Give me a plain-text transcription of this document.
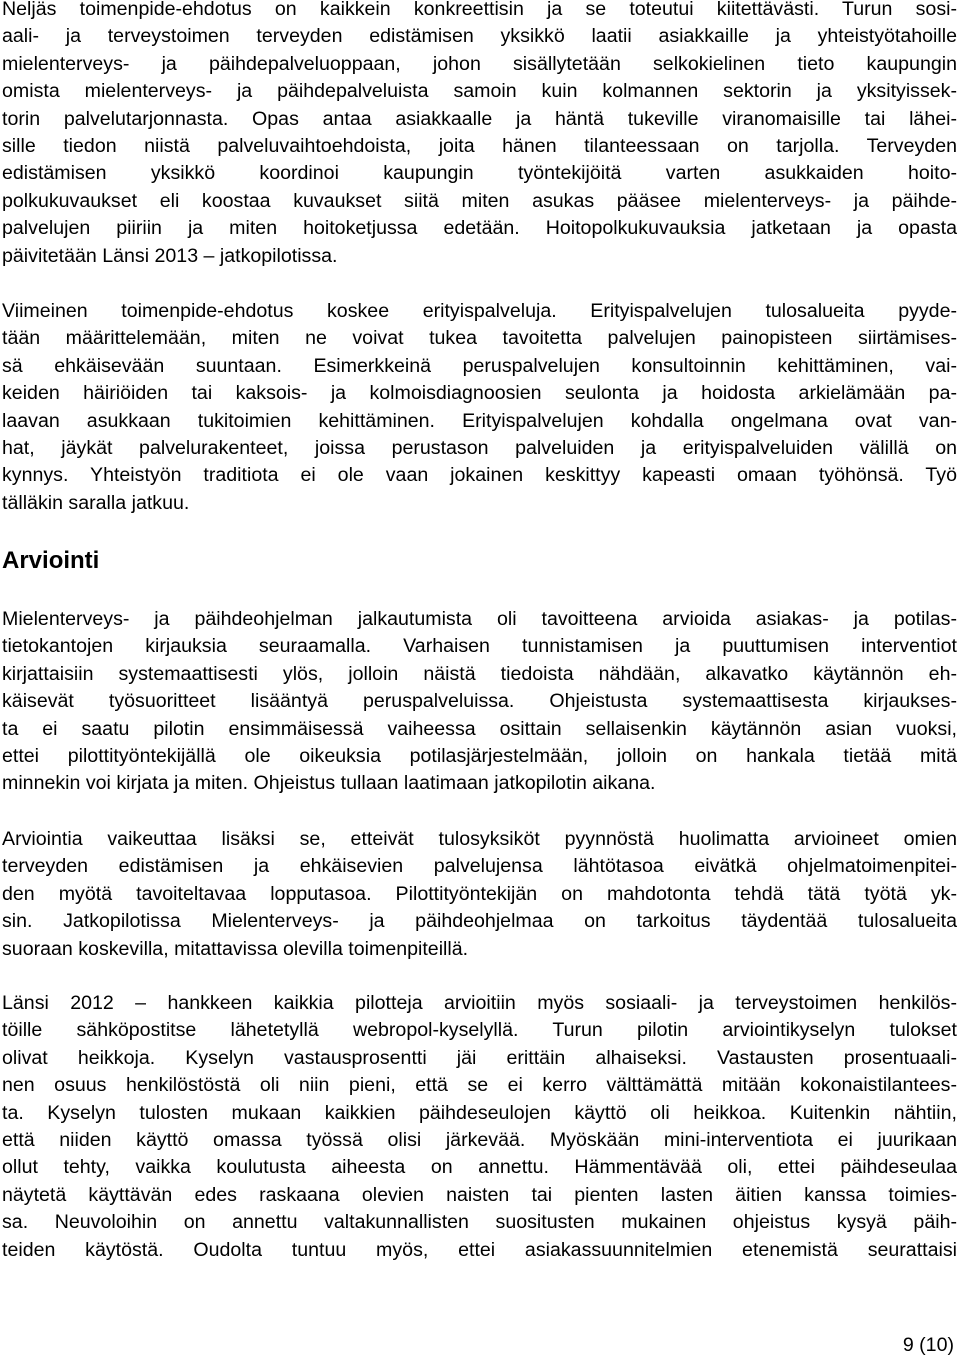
Neljäs toimenpide-ehdotus on kaikkein konkreettisin ja se toteutui kiitettävästi. Turun sosi-
aali- ja terveystoimen terveyden edistämisen yksikkö laatii asiakkaille ja yhteistyötahoille
mielenterveys- ja päihdepalveluoppaan, johon sisällytetään selkokielinen tieto kaupungin
omista mielenterveys- ja päihdepalveluista samoin kuin kolmannen sektorin ja yksityissek-
torin palvelutarjonnasta. Opas antaa asiakkaalle ja häntä tukeville viranomaisille tai lähei-
sille tiedon niistä palveluvaihtoehdoista, joita hänen tilanteessaan on tarjolla. Terveyden
edistämisen yksikkö koordinoi kaupungin työntekijöitä varten asukkaiden hoito-
polkukuvaukset eli koostaa kuvaukset siitä miten asukas pääsee mielenterveys- ja päihde-
palvelujen piiriin ja miten hoitoketjussa edetään. Hoitopolkukuvauksia jatketaan ja opasta
päivitetään Länsi 2013 – jatkopilotissa.
Viimeinen toimenpide-ehdotus koskee erityispalveluja. Erityispalvelujen tulosalueita pyyde-
tään määrittelemään, miten ne voivat tukea tavoitetta palvelujen painopisteen siirtämises-
sä ehkäisevään suuntaan. Esimerkkeinä peruspalvelujen konsultoinnin kehittäminen, vai-
keiden häiriöiden tai kaksois- ja kolmoisdiagnoosien seulonta ja hoidosta arkielämään pa-
laavan asukkaan tukitoimien kehittäminen. Erityispalvelujen kohdalla ongelmana ovat van-
hat, jäykät palvelurakenteet, joissa perustason palveluiden ja erityispalveluiden välillä on
kynnys. Yhteistyön traditiota ei ole vaan jokainen keskittyy kapeasti omaan työhönsä. Työ
tälläkin saralla jatkuu.
Arviointi
Mielenterveys- ja päihdeohjelman jalkautumista oli tavoitteena arvioida asiakas- ja potilas-
tietokantojen kirjauksia seuraamalla. Varhaisen tunnistamisen ja puuttumisen interventiot
kirjattaisiin systemaattisesti ylös, jolloin näistä tiedoista nähdään, alkavatko käytännön eh-
käisevät työsuoritteet lisääntyä peruspalveluissa. Ohjeistusta systemaattisesta kirjaukses-
ta ei saatu pilotin ensimmäisessä vaiheessa osittain sellaisenkin käytännön asian vuoksi,
ettei pilottityöntekijällä ole oikeuksia potilasjärjestelmään, jolloin on hankala tietää mitä
minnekin voi kirjata ja miten. Ohjeistus tullaan laatimaan jatkopilotin aikana.
Arviointia vaikeuttaa lisäksi se, etteivät tulosyksiköt pyynnöstä huolimatta arvioineet omien
terveyden edistämisen ja ehkäisevien palvelujensa lähtötasoa eivätkä ohjelmatoimenpitei-
den myötä tavoiteltavaa lopputasoa. Pilottityöntekijän on mahdotonta tehdä tätä työtä yk-
sin. Jatkopilotissa Mielenterveys- ja päihdeohjelmaa on tarkoitus täydentää tulosalueita
suoraan koskevilla, mitattavissa olevilla toimenpiteillä.
Länsi 2012 – hankkeen kaikkia pilotteja arvioitiin myös sosiaali- ja terveystoimen henkilös-
töille sähköpostitse lähetetyllä webropol-kyselyllä. Turun pilotin arviointikyselyn tulokset
olivat heikkoja. Kyselyn vastausprosentti jäi erittäin alhaiseksi. Vastausten prosentuaali-
nen osuus henkilöstöstä oli niin pieni, että se ei kerro välttämättä mitään kokonaistilantees-
ta. Kyselyn tulosten mukaan kaikkien päihdeseulojen käyttö oli heikkoa. Kuitenkin nähtiin,
että niiden käyttö omassa työssä olisi järkevää. Myöskään mini-interventiota ei juurikaan
ollut tehty, vaikka koulutusta aiheesta on annettu. Hämmentävää oli, ettei päihdeseulaa
näytetä käyttävän edes raskaana olevien naisten tai pienten lasten äitien kanssa toimies-
sa. Neuvoloihin on annettu valtakunnallisten suositusten mukainen ohjeistus kysyä päih-
teiden käytöstä. Oudolta tuntuu myös, ettei asiakassuunnitelmien etenemistä seurattaisi
9 (10)
